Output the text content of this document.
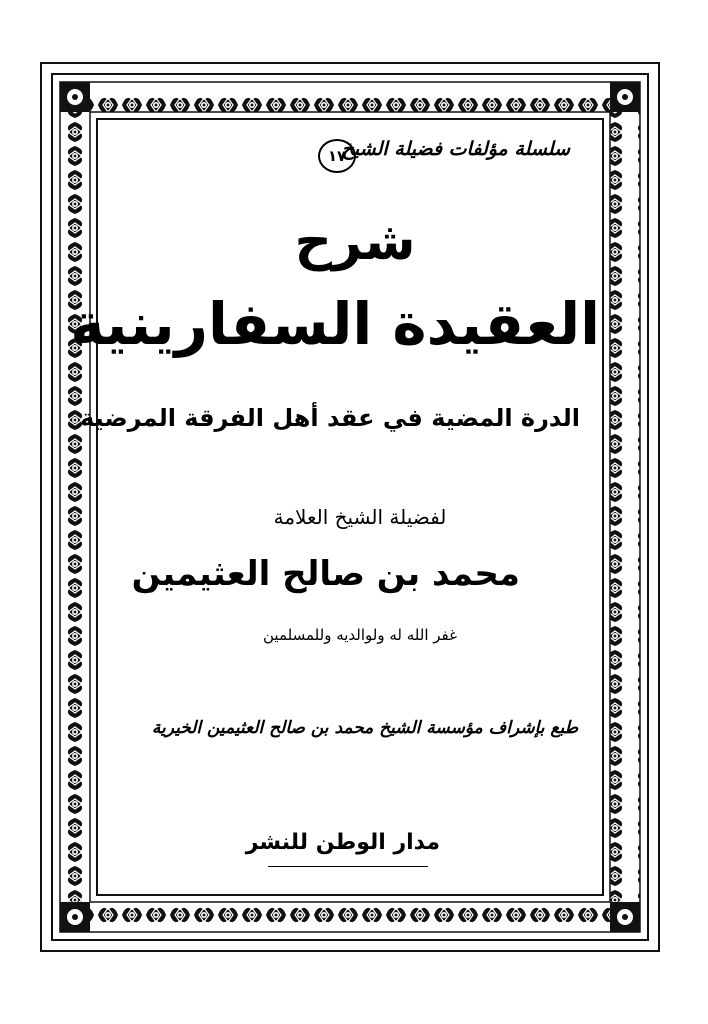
سلسلة مؤلفات فضيلة الشيخ
١٧
شرح
العقيدة السفارينية
الدرة المضية في عقد أهل الفرقة المرضية
لفضيلة الشيخ العلامة
محمد بن صالح العثيمين
غفر الله له ولوالديه وللمسلمين
طبع بإشراف مؤسسة الشيخ محمد بن صالح العثيمين الخيرية
مدار الوطن للنشر
